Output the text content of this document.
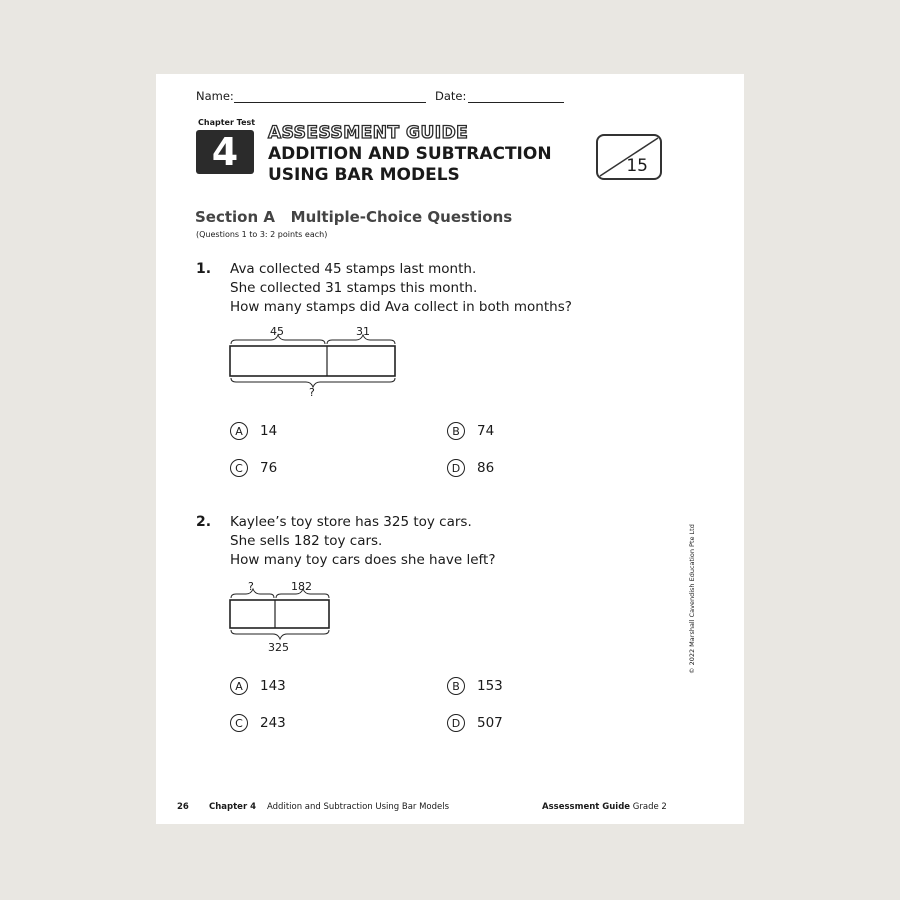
Name:	Date:
Chapter Test
4	ASSESSMENT GUIDE
ADDITION AND SUBTRACTION
USING BAR MODELS	15
Section A   Multiple-Choice Questions
(Questions 1 to 3: 2 points each)
1. Ava collected 45 stamps last month.
She collected 31 stamps this month.
How many stamps did Ava collect in both months?
45	31
?
A	14	B	74
C	76	D	86
2. Kaylee’s toy store has 325 toy cars.
She sells 182 toy cars.
How many toy cars does she have left?
?	182
325
A	143	B	153
C	243	D	507
© 2022 Marshall Cavendish Education Pte Ltd
26 Chapter 4 Addition and Subtraction Using Bar Models	Assessment Guide Grade 2
